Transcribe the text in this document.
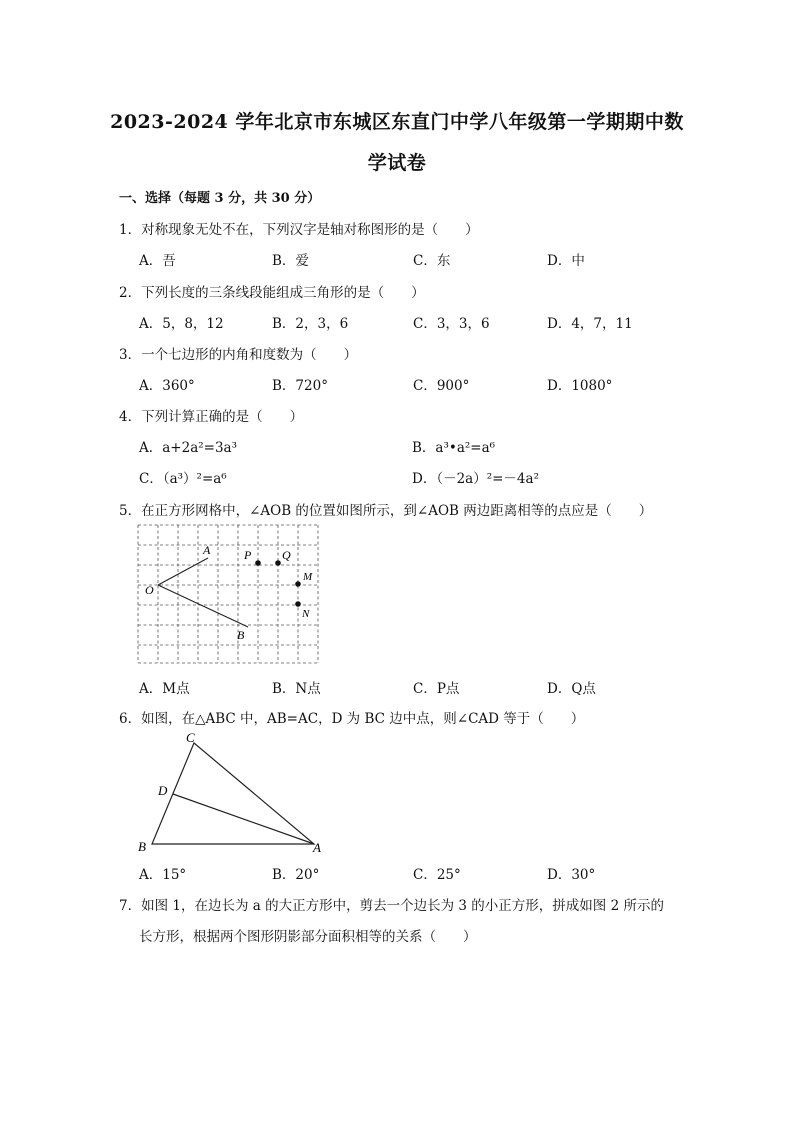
2023-2024 学年北京市东城区东直门中学八年级第一学期期中数
学试卷
一、选择（每题 3 分，共 30 分）
1．对称现象无处不在，下列汉字是轴对称图形的是（　　）
A．吾	B．爱	C．东	D．中
2．下列长度的三条线段能组成三角形的是（　　）
A．5，8，12	B．2，3，6	C．3，3，6	D．4，7，11
3．一个七边形的内角和度数为（　　）
A．360°	B．720°	C．900°	D．1080°
4．下列计算正确的是（　　）
A．a+2a²=3a³	B．a³•a²=a⁶
C．（a³）²=a⁶	D．（－2a）²=－4a²
5．在正方形网格中，∠AOB 的位置如图所示，到∠AOB 两边距离相等的点应是（　　）
A
O
B
P	Q
M
N
A．M点	B．N点	C．P点	D．Q点
6．如图，在△ABC 中，AB=AC，D 为 BC 边中点，则∠CAD 等于（　　）
C
D
B	A
A．15°	B．20°	C．25°	D．30°
7．如图 1，在边长为 a 的大正方形中，剪去一个边长为 3 的小正方形，拼成如图 2 所示的
长方形，根据两个图形阴影部分面积相等的关系（　　）
